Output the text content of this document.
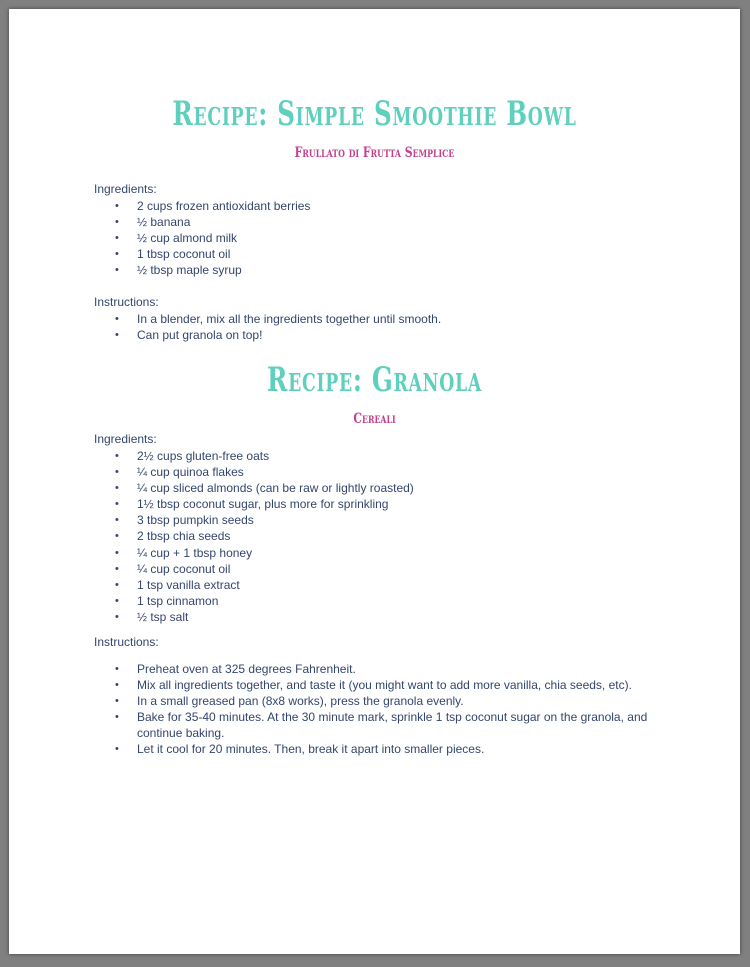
Recipe: Simple Smoothie Bowl
Frullato di Frutta Semplice

Ingredients:

• 2 cups frozen antioxidant berries
• ½ banana
• ½ cup almond milk
• 1 tbsp coconut oil
• ½ tbsp maple syrup

Instructions:

• In a blender, mix all the ingredients together until smooth.
• Can put granola on top!
Recipe: Granola
Cereali

Ingredients:

• 2½ cups gluten-free oats
• ¼ cup quinoa flakes
• ¼ cup sliced almonds (can be raw or lightly roasted)
• 1½ tbsp coconut sugar, plus more for sprinkling
• 3 tbsp pumpkin seeds
• 2 tbsp chia seeds
• ¼ cup + 1 tbsp honey
• ¼ cup coconut oil
• 1 tsp vanilla extract
• 1 tsp cinnamon
• ½ tsp salt

Instructions:

• Preheat oven at 325 degrees Fahrenheit.
• Mix all ingredients together, and taste it (you might want to add more vanilla, chia seeds, etc).
• In a small greased pan (8x8 works), press the granola evenly.
• Bake for 35-40 minutes. At the 30 minute mark, sprinkle 1 tsp coconut sugar on the granola, and continue baking.
• Let it cool for 20 minutes. Then, break it apart into smaller pieces.
